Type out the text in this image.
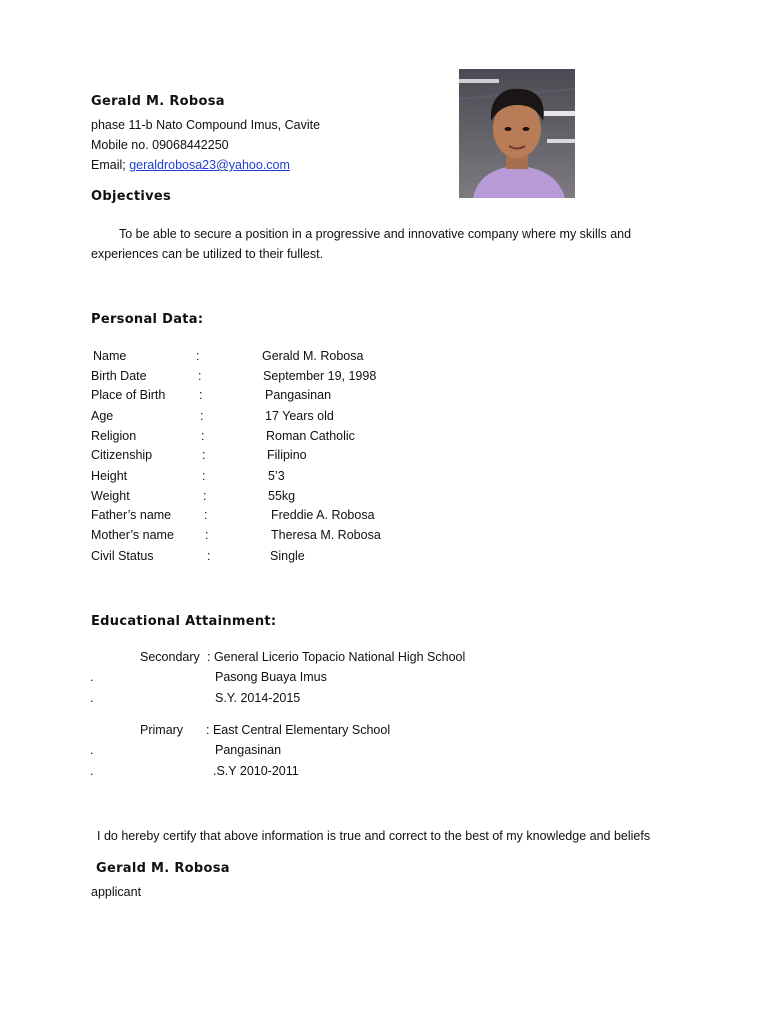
Gerald M. Robosa
phase 11-b Nato Compound Imus, Cavite
Mobile no. 09068442250
Email; geraldrobosa23@yahoo.com
Objectives
To be able to secure a position in a progressive and innovative company where my skills and
experiences can be utilized to their fullest.
Personal Data:
Name	:	Gerald M. Robosa
Birth Date	:	September 19, 1998
Place of Birth	:	Pangasinan
Age	:	17 Years old
Religion	:	Roman Catholic
Citizenship	:	Filipino
Height	:	5’3
Weight	:	55kg
Father’s name	:	Freddie A. Robosa
Mother’s name :	Theresa M. Robosa
Civil Status	:	Single
Educational Attainment:
Secondary : General Licerio Topacio National High School
.	Pasong Buaya Imus
.	S.Y. 2014-2015
Primary : East Central Elementary School
.	Pangasinan
.	.S.Y 2010-2011
I do hereby certify that above information is true and correct to the best of my knowledge and beliefs
Gerald M. Robosa
applicant
